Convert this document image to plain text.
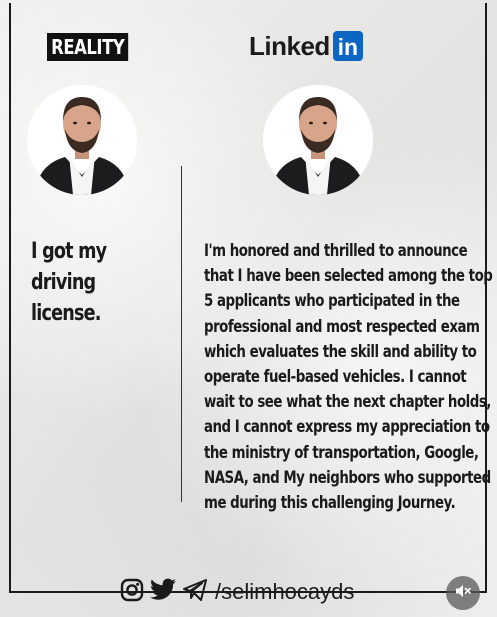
REALITY
I got my driving
license.
Linked in
I'm honored and thrilled to announce
that I have been selected among the top
5 applicants who participated in the
professional and most respected exam
which evaluates the skill and ability to
operate fuel-based vehicles. I cannot
wait to see what the next chapter holds,
and I cannot express my appreciation to
the ministry of transportation, Google,
NASA, and My neighbors who supported
me during this challenging Journey.
/selimhocayds
